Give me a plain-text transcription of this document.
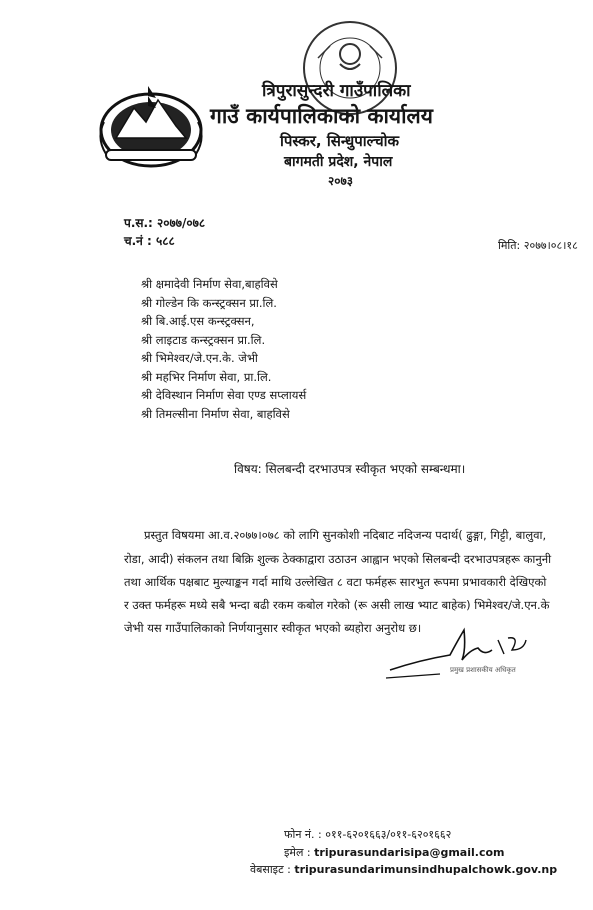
त्रिपुरासुन्दरी गाउँपालिका
गाउँ कार्यपालिकाको कार्यालय
पिस्कर, सिन्धुपाल्चोक
बागमती प्रदेश, नेपाल
२०७३
प.स.: २०७७/०७८
च.नं : ५८८	मिति: २०७७।०८।१८
श्री क्षमादेवी निर्माण सेवा,बाहविसे
श्री गोल्डेन कि कन्स्ट्रक्सन प्रा.लि.
श्री बि.आई.एस कन्स्ट्रक्सन,
श्री लाइटाड कन्स्ट्रक्सन प्रा.लि.
श्री भिमेश्वर/जे.एन.के. जेभी
श्री महभिर निर्माण सेवा, प्रा.लि.
श्री देविस्थान निर्माण सेवा एण्ड सप्लायर्स
श्री तिमल्सीना निर्माण सेवा, बाहविसे
विषय: सिलबन्दी दरभाउपत्र स्वीकृत भएको सम्बन्धमा।
प्रस्तुत विषयमा आ.व.२०७७।०७८ को लागि सुनकोशी नदिबाट नदिजन्य पदार्थ( ढुङ्गा, गिट्टी, बालुवा,
रोडा, आदी) संकलन तथा बिक्रि शुल्क ठेक्काद्वारा उठाउन आह्वान भएको सिलबन्दी दरभाउपत्रहरू कानुनी
तथा आर्थिक पक्षबाट मुल्याङ्कन गर्दा माथि उल्लेखित ८ वटा फर्महरू सारभुत रूपमा प्रभावकारी देखिएको
र उक्त फर्महरू मध्ये सबै भन्दा बढी रकम कबोल गरेको (रू असी लाख भ्याट बाहेक) भिमेश्वर/जे.एन.के
जेभी यस गाउँपालिकाको निर्णयानुसार स्वीकृत भएको ब्यहोरा अनुरोध छ।
प्रमुख प्रशासकीय अधिकृत
फोन नं. : ०११-६२०१६६३/०११-६२०१६६२
इमेल : tripurasundarisipa@gmail.com
वेबसाइट : tripurasundarimunsindhupalchowk.gov.np
